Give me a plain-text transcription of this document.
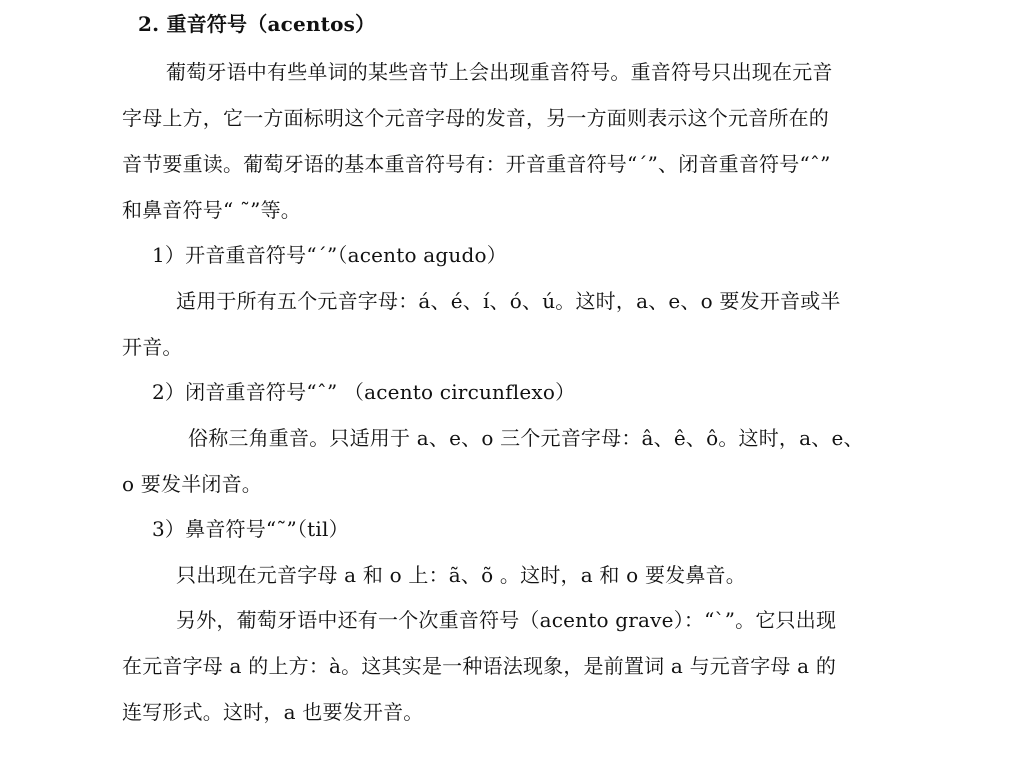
2. 重音符号（acentos）
葡萄牙语中有些单词的某些音节上会出现重音符号。重音符号只出现在元音
字母上方，它一方面标明这个元音字母的发音，另一方面则表示这个元音所在的
音节要重读。葡萄牙语的基本重音符号有：开音重音符号“´”、闭音重音符号“ˆ”
和鼻音符号“ ˜”等。
1）开音重音符号“´”（acento agudo）
适用于所有五个元音字母：á、é、í、ó、ú。这时，a、e、o 要发开音或半
开音。
2）闭音重音符号“ˆ” （acento circunflexo）
俗称三角重音。只适用于 a、e、o 三个元音字母：â、ê、ô。这时，a、e、
o 要发半闭音。
3）鼻音符号“˜”（til）
只出现在元音字母 a 和 o 上：ã、õ 。这时，a 和 o 要发鼻音。
另外，葡萄牙语中还有一个次重音符号（acento grave）：“`”。它只出现
在元音字母 a 的上方：à。这其实是一种语法现象，是前置词 a 与元音字母 a 的
连写形式。这时，a 也要发开音。
